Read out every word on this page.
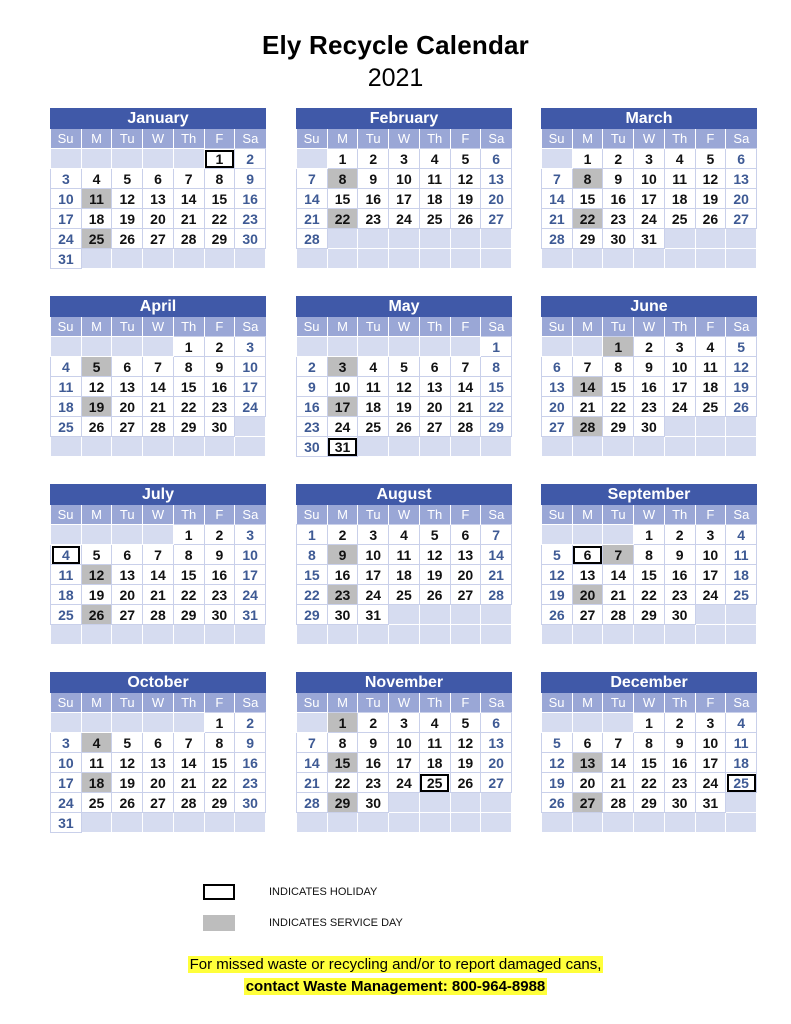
Ely Recycle Calendar
2021
January
Su	M	Tu	W	Th	F	Sa
					1	2
3	4	5	6	7	8	9
10	11	12	13	14	15	16
17	18	19	20	21	22	23
24	25	26	27	28	29	30
31						
February
Su	M	Tu	W	Th	F	Sa
	1	2	3	4	5	6
7	8	9	10	11	12	13
14	15	16	17	18	19	20
21	22	23	24	25	26	27
28						

March
Su	M	Tu	W	Th	F	Sa
	1	2	3	4	5	6
7	8	9	10	11	12	13
14	15	16	17	18	19	20
21	22	23	24	25	26	27
28	29	30	31			

April
Su	M	Tu	W	Th	F	Sa
				1	2	3
4	5	6	7	8	9	10
11	12	13	14	15	16	17
18	19	20	21	22	23	24
25	26	27	28	29	30	

May
Su	M	Tu	W	Th	F	Sa
						1
2	3	4	5	6	7	8
9	10	11	12	13	14	15
16	17	18	19	20	21	22
23	24	25	26	27	28	29
30	31					
June
Su	M	Tu	W	Th	F	Sa
		1	2	3	4	5
6	7	8	9	10	11	12
13	14	15	16	17	18	19
20	21	22	23	24	25	26
27	28	29	30			

July
Su	M	Tu	W	Th	F	Sa
				1	2	3
4	5	6	7	8	9	10
11	12	13	14	15	16	17
18	19	20	21	22	23	24
25	26	27	28	29	30	31

August
Su	M	Tu	W	Th	F	Sa
1	2	3	4	5	6	7
8	9	10	11	12	13	14
15	16	17	18	19	20	21
22	23	24	25	26	27	28
29	30	31				

September
Su	M	Tu	W	Th	F	Sa
			1	2	3	4
5	6	7	8	9	10	11
12	13	14	15	16	17	18
19	20	21	22	23	24	25
26	27	28	29	30		

October
Su	M	Tu	W	Th	F	Sa
					1	2
3	4	5	6	7	8	9
10	11	12	13	14	15	16
17	18	19	20	21	22	23
24	25	26	27	28	29	30
31						
November
Su	M	Tu	W	Th	F	Sa
	1	2	3	4	5	6
7	8	9	10	11	12	13
14	15	16	17	18	19	20
21	22	23	24	25	26	27
28	29	30				

December
Su	M	Tu	W	Th	F	Sa
			1	2	3	4
5	6	7	8	9	10	11
12	13	14	15	16	17	18
19	20	21	22	23	24	25
26	27	28	29	30	31	

INDICATES HOLIDAY
INDICATES SERVICE DAY
For missed waste or recycling and/or to report damaged cans,
contact Waste Management: 800-964-8988
